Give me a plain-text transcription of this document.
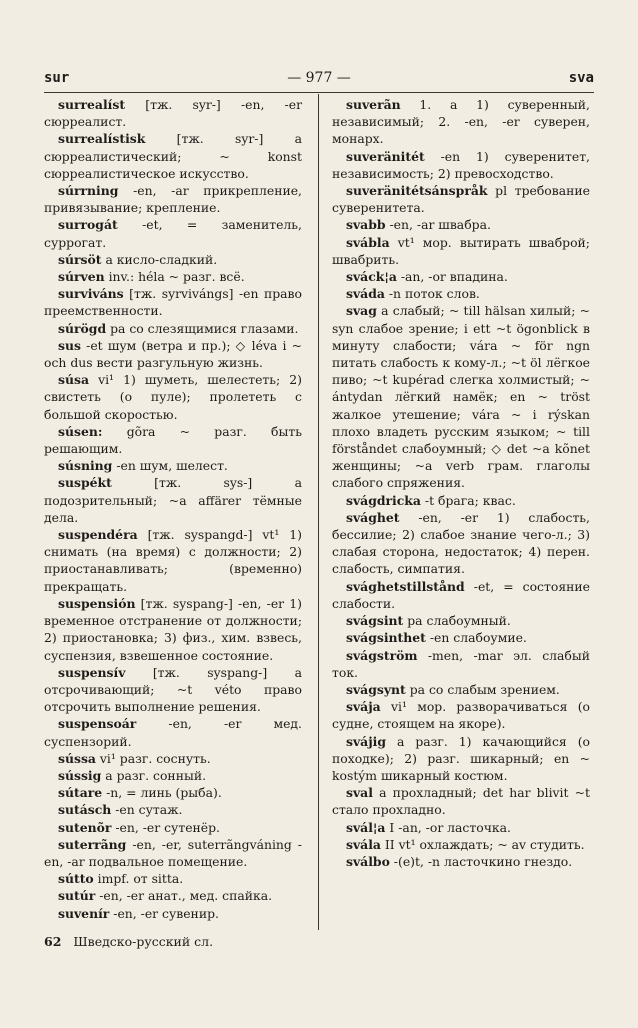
sur	— 977 —	sva

surrealíst [тж. syr-] -en, -er сюрреалист.

surrealístisk	[тж. syr-] a сюрреалистический; ~ konst сюрреалистическое искусство.

súrrning -en, -ar прикрепление, привязывание; крепление.

surrogát -et, = заменитель, суррогат.

súrsöt a кисло-сладкий.

súrven inv.: héla ~ разг. всё.

surviváns [тж. syrvivángs] -en право преемственности.

súrögd pa со слезящимися глазами.

sus -et шум (ветра и пр.); ◇ léva i ~ och dus вести разгульную жизнь.

súsa vi¹ 1) шуметь, шелестеть; 2) свистеть (о пуле); пролететь с большой скоростью.

súsen: gõra ~ разг. быть решающим.

súsning -en шум, шелест.

suspékt	[тж. sys-] a подозрительный; ~a affärer тёмные дела.

suspendéra [тж. syspangd-] vt¹ 1) снимать (на время) с должности; 2) приостанавливать; (временно) прекращать.

suspensión [тж. syspang-] -en, -er 1) временное отстранение от должности; 2) приостановка; 3) физ., хим. взвесь, суспензия, взвешенное состояние.

suspensív [тж. syspang-] a отсрочивающий; ~t véto право отсрочить выполнение решения.

suspensoár	-en, -er мед. суспензорий.

sússa vi¹ разг. соснуть.

sússig a разг. сонный.

sútare -n, = линь (рыба).

sutásch -en сутаж.

sutenõr -en, -er сутенёр.

suterrãng -en, -er, suterrãngváning -en, -ar подвальное помещение.

sútto impf. от sitta.

sutúr -en, -er анат., мед. спайка.

suvenír -en, -er сувенир.

suverãn 1. a 1) суверенный, независимый; 2. -en, -er суверен, монарх.

suveränitét -en 1) суверенитет, независимость; 2) превосходство.

suveränitétsánspråk pl требование суверенитета.

svabb -en, -ar швабра.

svábla vt¹ мор. вытирать шваброй; швабрить.

sváck¦a -an, -or впадина.

sváda -n поток слов.

svag a слабый; ~ till hälsan хилый; ~ syn слабое зрение; i ett ~t ögonblick в минуту слабости; vára ~ för ngn питать слабость к кому-л.; ~t öl лёгкое пиво; ~t kupérad слегка холмистый; ~ ántydan лёгкий намёк; en ~ tröst жалкое утешение; vára ~ i rýskan плохо владеть русским языком; ~ till förståndet слабоумный; ◇ det ~a kõnet женщины; ~a verb грам. глаголы слабого спряжения.

svágdricka -t брага; квас.

svághet -en, -er 1) слабость, бессилие; 2) слабое знание чего-л.; 3) слабая сторона, недостаток; 4) перен. слабость, симпатия.

svághetstillstånd -et, = состояние слабости.

svágsint pa слабоумный.

svágsinthet -en слабоумие.

svágström -men, -mar эл. слабый ток.

svágsynt pa со слабым зрением.

svája vi¹ мор. разворачиваться (о судне, стоящем на якоре).

svájig a разг. 1) качающийся (о походке); 2) разг. шикарный; en ~ kostým шикарный костюм.

sval a прохладный; det har blivit ~t стало прохладно.

svál¦a I -an, -or ласточка.

svála II vt¹ охлаждать; ~ av студить.

sválbo -(e)t, -n ласточкино гнездо.

62 Шведско-русский сл.
